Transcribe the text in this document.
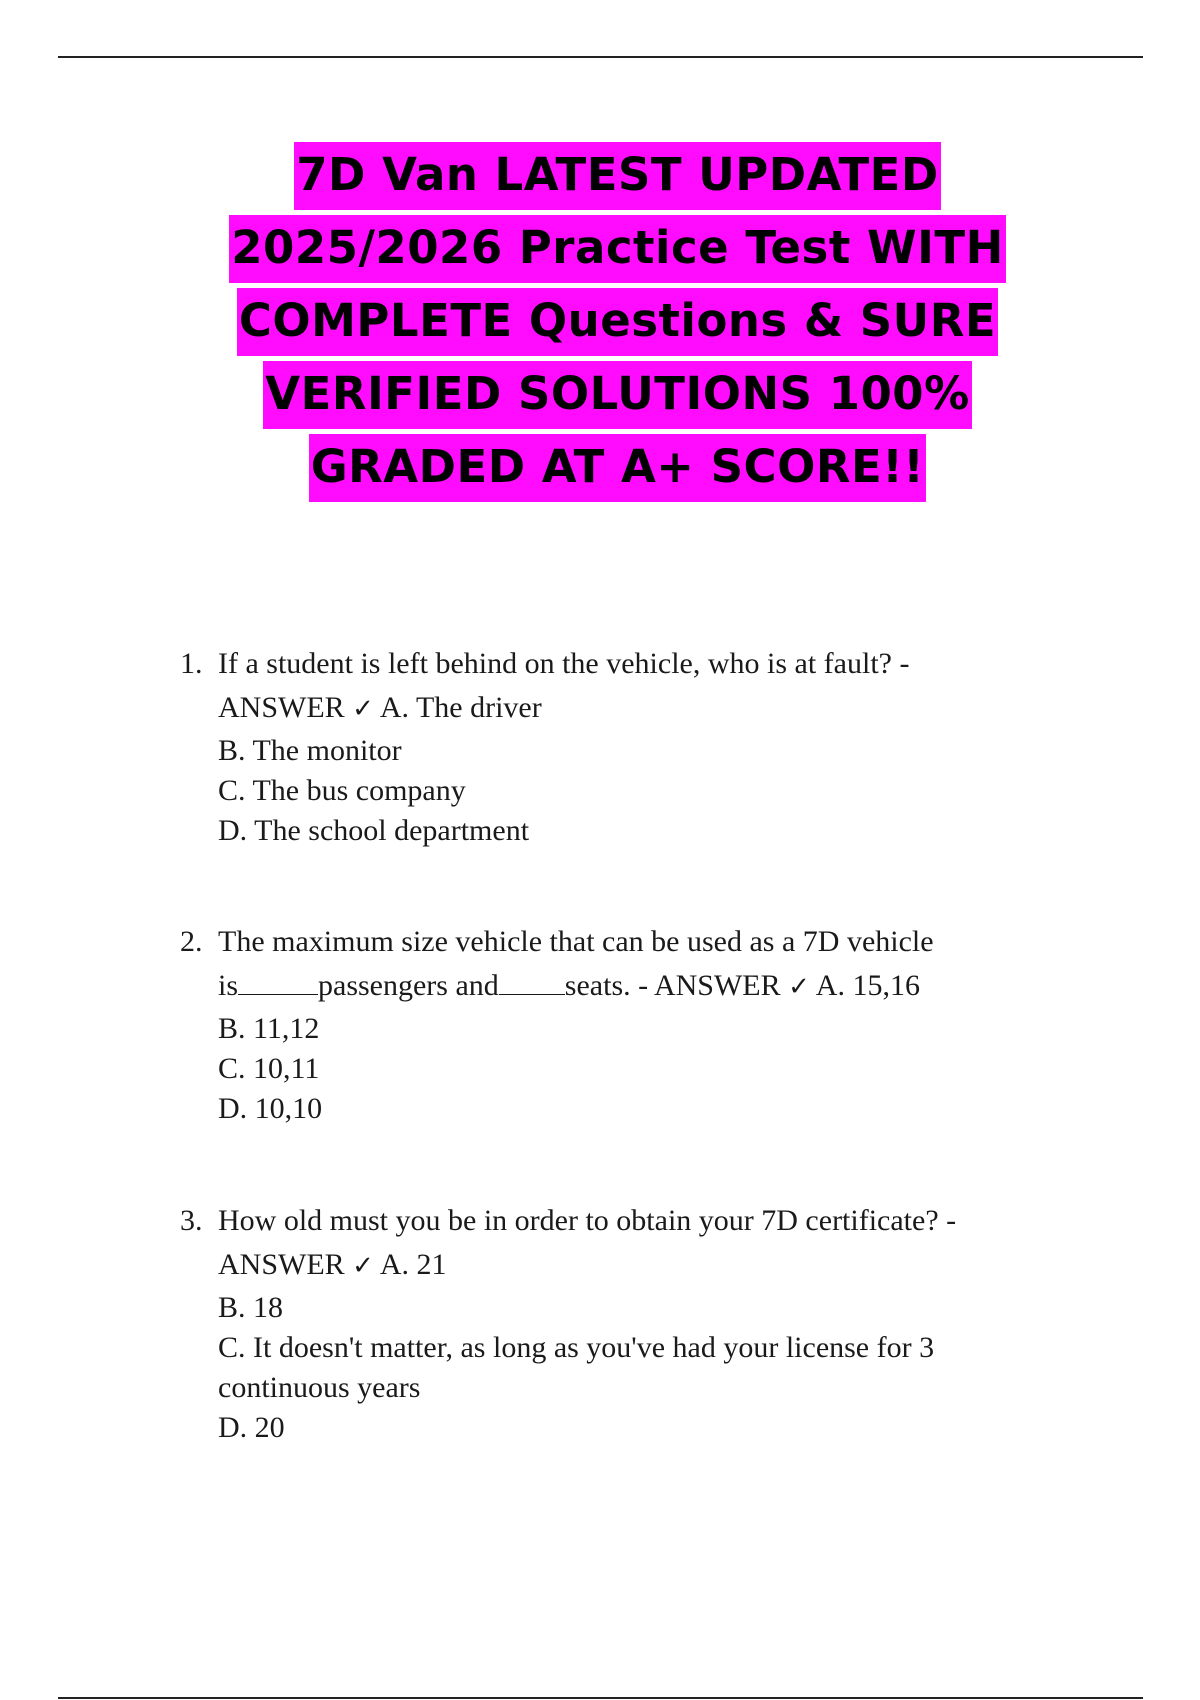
7D Van LATEST UPDATED
2025/2026 Practice Test WITH
COMPLETE Questions & SURE
VERIFIED SOLUTIONS 100%
GRADED AT A+ SCORE!!
1. If a student is left behind on the vehicle, who is at fault? -
ANSWER ✓ A. The driver
B. The monitor
C. The bus company
D. The school department
2. The maximum size vehicle that can be used as a 7D vehicle
is	passengers and seats. - ANSWER ✓ A. 15,16
B. 11,12
C. 10,11
D. 10,10
3. How old must you be in order to obtain your 7D certificate? -
ANSWER ✓ A. 21
B. 18
C. It doesn't matter, as long as you've had your license for 3
continuous years
D. 20
